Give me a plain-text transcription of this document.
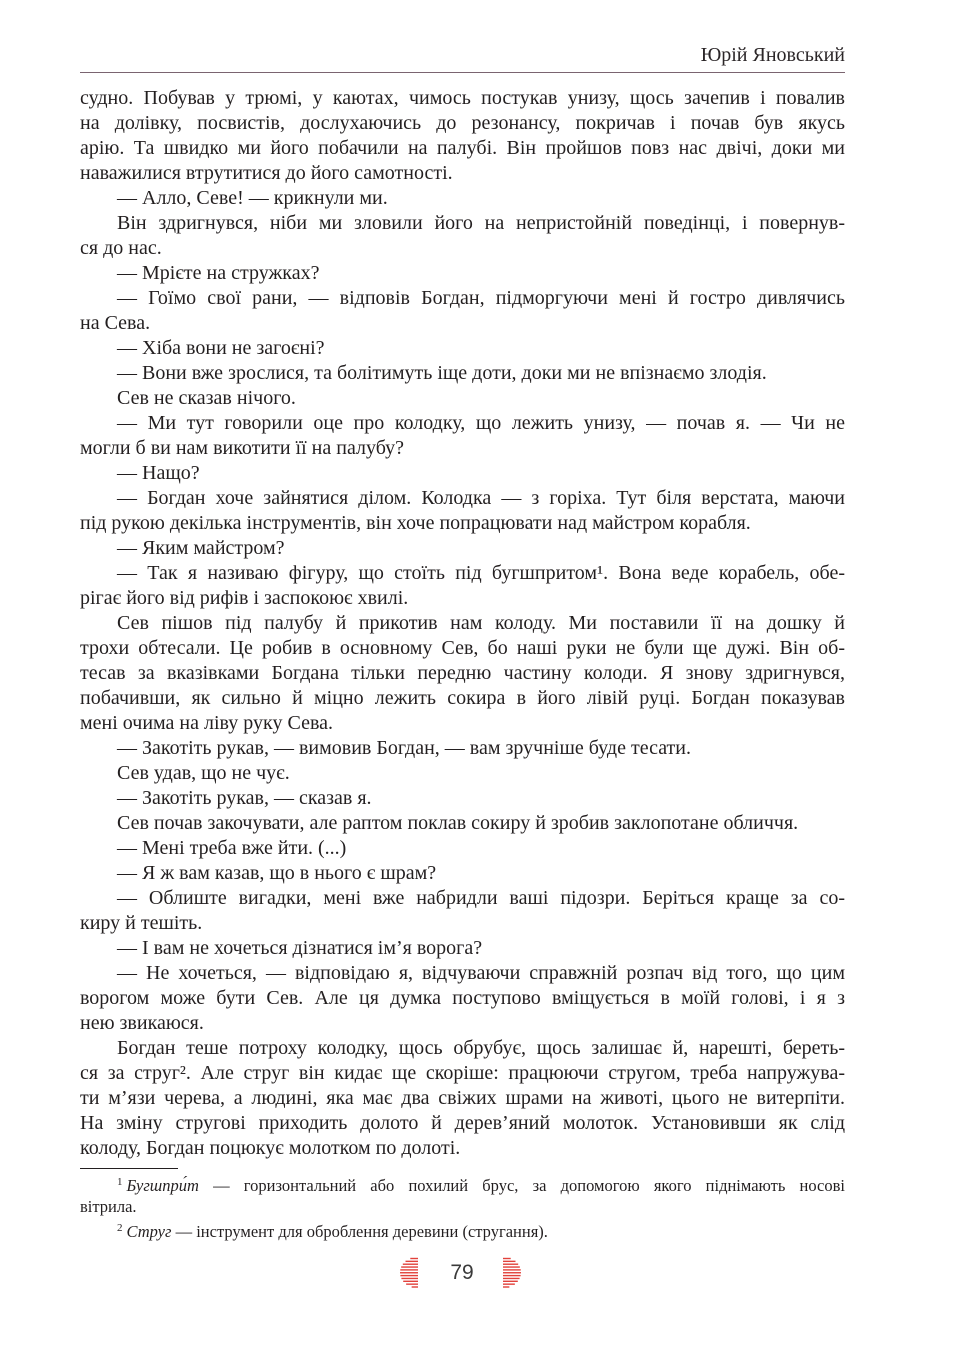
Юрій Яновський
судно. Побував у трюмі, у каютах, чимось постукав унизу, щось зачепив і повалив
на долівку, посвистів, дослухаючись до резонансу, покричав і почав був якусь
арію. Та швидко ми його побачили на палубі. Він пройшов повз нас двічі, доки ми
наважилися втрутитися до його самотності.
— Алло, Севе! — крикнули ми.
Він здригнувся, ніби ми зловили його на непристойній поведінці, і повернув-
ся до нас.
— Мрієте на стружках?
— Гоїмо свої рани, — відповів Богдан, підморгуючи мені й гостро дивлячись
на Сева.
— Хіба вони не загоєні?
— Вони вже зрослися, та болітимуть іще доти, доки ми не впізнаємо злодія.
Сев не сказав нічого.
— Ми тут говорили оце про колодку, що лежить унизу, — почав я. — Чи не
могли б ви нам викотити її на палубу?
— Нащо?
— Богдан хоче зайнятися ділом. Колодка — з горіха. Тут біля верстата, маючи
під рукою декілька інструментів, він хоче попрацювати над майстром корабля.
— Яким майстром?
— Так я називаю фігуру, що стоїть під бугшпритом¹. Вона веде корабель, обе-
рігає його від рифів і заспокоює хвилі.
Сев пішов під палубу й прикотив нам колоду. Ми поставили її на дошку й
трохи обтесали. Це робив в основному Сев, бо наші руки не були ще дужі. Він об-
тесав за вказівками Богдана тільки передню частину колоди. Я знову здригнувся,
побачивши, як сильно й міцно лежить сокира в його лівій руці. Богдан показував
мені очима на ліву руку Сева.
— Закотіть рукав, — вимовив Богдан, — вам зручніше буде тесати.
Сев удав, що не чує.
— Закотіть рукав, — сказав я.
Сев почав закочувати, але раптом поклав сокиру й зробив заклопотане обличчя.
— Мені треба вже йти. (...)
— Я ж вам казав, що в нього є шрам?
— Облиште вигадки, мені вже набридли ваші підозри. Беріться краще за со-
киру й тешіть.
— І вам не хочеться дізнатися ім’я ворога?
— Не хочеться, — відповідаю я, відчуваючи справжній розпач від того, що цим
ворогом може бути Сев. Але ця думка поступово вміщується в моїй голові, і я з
нею звикаюся.
Богдан теше потроху колодку, щось обрубує, щось залишає й, нарешті, береть-
ся за струг². Але струг він кидає ще скоріше: працюючи стругом, треба напружува-
ти м’язи черева, а людині, яка має два свіжих шрами на животі, цього не витерпіти.
На зміну стругові приходить долото й дерев’яний молоток. Установивши як слід
колоду, Богдан поцюкує молотком по долоті.
$^1$ Бугшпри́т — горизонтальний або похилий брус, за допомогою якого піднімають носові
вітрила.
$^2$ Струг — інструмент для оброблення деревини (стругання).
79
